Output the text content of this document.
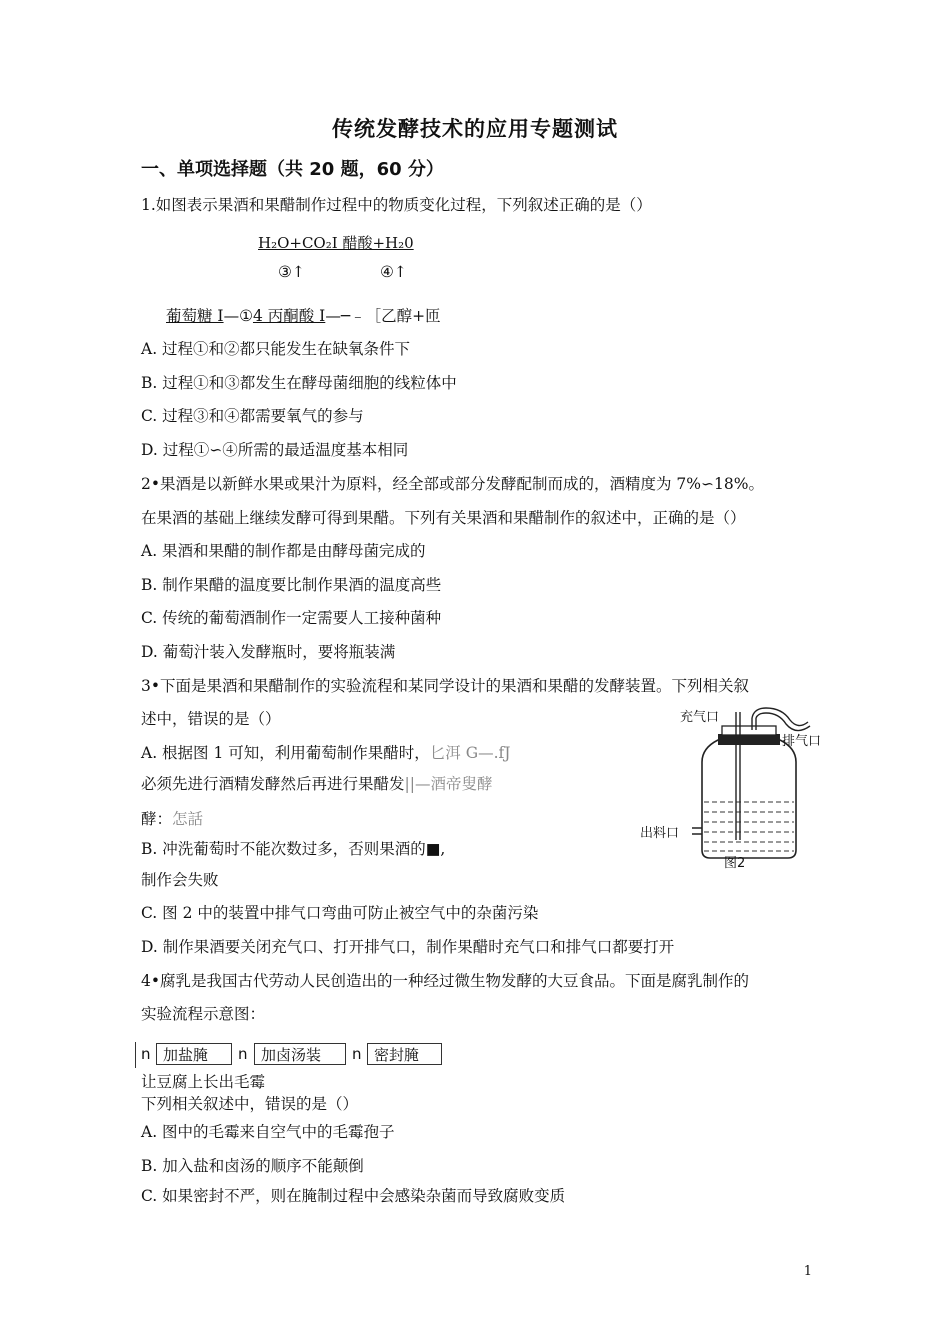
传统发酵技术的应用专题测试
一、单项选择题（共 20 题，60 分）
1.如图表示果酒和果醋制作过程中的物质变化过程，下列叙述正确的是（）
H₂O+CO₂I 醋酸+H₂0
③↑	④↑
葡萄糖 I—①4 丙酮酸 I—─﹣［乙醇+匝
A. 过程①和②都只能发生在缺氧条件下
B. 过程①和③都发生在酵母菌细胞的线粒体中
C. 过程③和④都需要氧气的参与
D. 过程①∽④所需的最适温度基本相同
2•果酒是以新鲜水果或果汁为原料，经全部或部分发酵配制而成的，酒精度为 7%∽18%。
在果酒的基础上继续发酵可得到果醋。下列有关果酒和果醋制作的叙述中，正确的是（）
A. 果酒和果醋的制作都是由酵母菌完成的
B. 制作果醋的温度要比制作果酒的温度高些
C. 传统的葡萄酒制作一定需要人工接种菌种
D. 葡萄汁装入发酵瓶时，要将瓶装满
3•下面是果酒和果醋制作的实验流程和某同学设计的果酒和果醋的发酵装置。下列相关叙
述中，错误的是（）
A. 根据图 1 可知，利用葡萄制作果醋时，匕洱 G—.fJ
必须先进行酒精发酵然后再进行果醋发||—酒帝叟酵
酵：怎話
B. 冲洗葡萄时不能次数过多，否则果酒的■,
制作会失败
C. 图 2 中的装置中排气口弯曲可防止被空气中的杂菌污染
D. 制作果酒要关闭充气口、打开排气口，制作果醋时充气口和排气口都要打开
充气口
排气口
出料口
图2
4•腐乳是我国古代劳动人民创造出的一种经过微生物发酵的大豆食品。下面是腐乳制作的
实验流程示意图：
n 加盐腌	n 加卤汤装	n 密封腌
让豆腐上长出毛霉
下列相关叙述中，错误的是（）
A. 图中的毛霉来自空气中的毛霉孢子
B. 加入盐和卤汤的顺序不能颠倒
C. 如果密封不严，则在腌制过程中会感染杂菌而导致腐败变质
1
